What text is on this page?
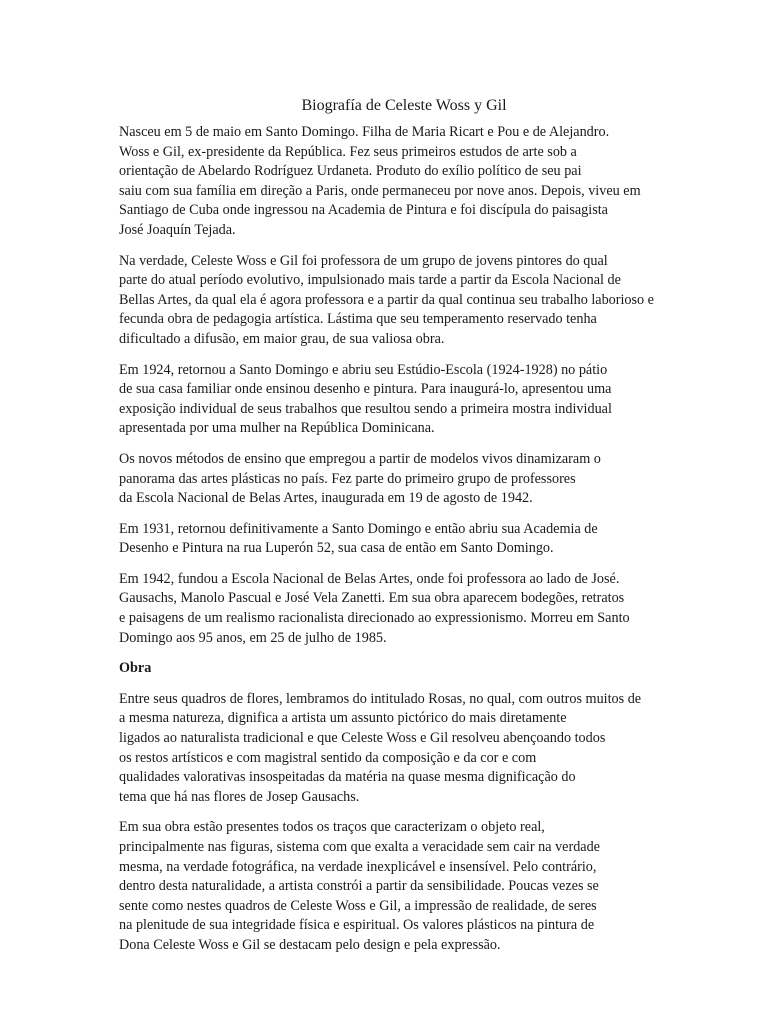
Biografía de Celeste Woss y Gil
Nasceu em 5 de maio em Santo Domingo. Filha de Maria Ricart e Pou e de Alejandro.
Woss e Gil, ex-presidente da República. Fez seus primeiros estudos de arte sob a
orientação de Abelardo Rodríguez Urdaneta. Produto do exílio político de seu pai
saiu com sua família em direção a Paris, onde permaneceu por nove anos. Depois, viveu em
Santiago de Cuba onde ingressou na Academia de Pintura e foi discípula do paisagista
José Joaquín Tejada.
Na verdade, Celeste Woss e Gil foi professora de um grupo de jovens pintores do qual
parte do atual período evolutivo, impulsionado mais tarde a partir da Escola Nacional de
Bellas Artes, da qual ela é agora professora e a partir da qual continua seu trabalho laborioso e
fecunda obra de pedagogia artística. Lástima que seu temperamento reservado tenha
dificultado a difusão, em maior grau, de sua valiosa obra.
Em 1924, retornou a Santo Domingo e abriu seu Estúdio-Escola (1924-1928) no pátio
de sua casa familiar onde ensinou desenho e pintura. Para inaugurá-lo, apresentou uma
exposição individual de seus trabalhos que resultou sendo a primeira mostra individual
apresentada por uma mulher na República Dominicana.
Os novos métodos de ensino que empregou a partir de modelos vivos dinamizaram o
panorama das artes plásticas no país. Fez parte do primeiro grupo de professores
da Escola Nacional de Belas Artes, inaugurada em 19 de agosto de 1942.
Em 1931, retornou definitivamente a Santo Domingo e então abriu sua Academia de
Desenho e Pintura na rua Luperón 52, sua casa de então em Santo Domingo.
Em 1942, fundou a Escola Nacional de Belas Artes, onde foi professora ao lado de José.
Gausachs, Manolo Pascual e José Vela Zanetti. Em sua obra aparecem bodegões, retratos
e paisagens de um realismo racionalista direcionado ao expressionismo. Morreu em Santo
Domingo aos 95 anos, em 25 de julho de 1985.
Obra
Entre seus quadros de flores, lembramos do intitulado Rosas, no qual, com outros muitos de
a mesma natureza, dignifica a artista um assunto pictórico do mais diretamente
ligados ao naturalista tradicional e que Celeste Woss e Gil resolveu abençoando todos
os restos artísticos e com magistral sentido da composição e da cor e com
qualidades valorativas insospeitadas da matéria na quase mesma dignificação do
tema que há nas flores de Josep Gausachs.
Em sua obra estão presentes todos os traços que caracterizam o objeto real,
principalmente nas figuras, sistema com que exalta a veracidade sem cair na verdade
mesma, na verdade fotográfica, na verdade inexplicável e insensível. Pelo contrário,
dentro desta naturalidade, a artista constrói a partir da sensibilidade. Poucas vezes se
sente como nestes quadros de Celeste Woss e Gil, a impressão de realidade, de seres
na plenitude de sua integridade física e espiritual. Os valores plásticos na pintura de
Dona Celeste Woss e Gil se destacam pelo design e pela expressão.
